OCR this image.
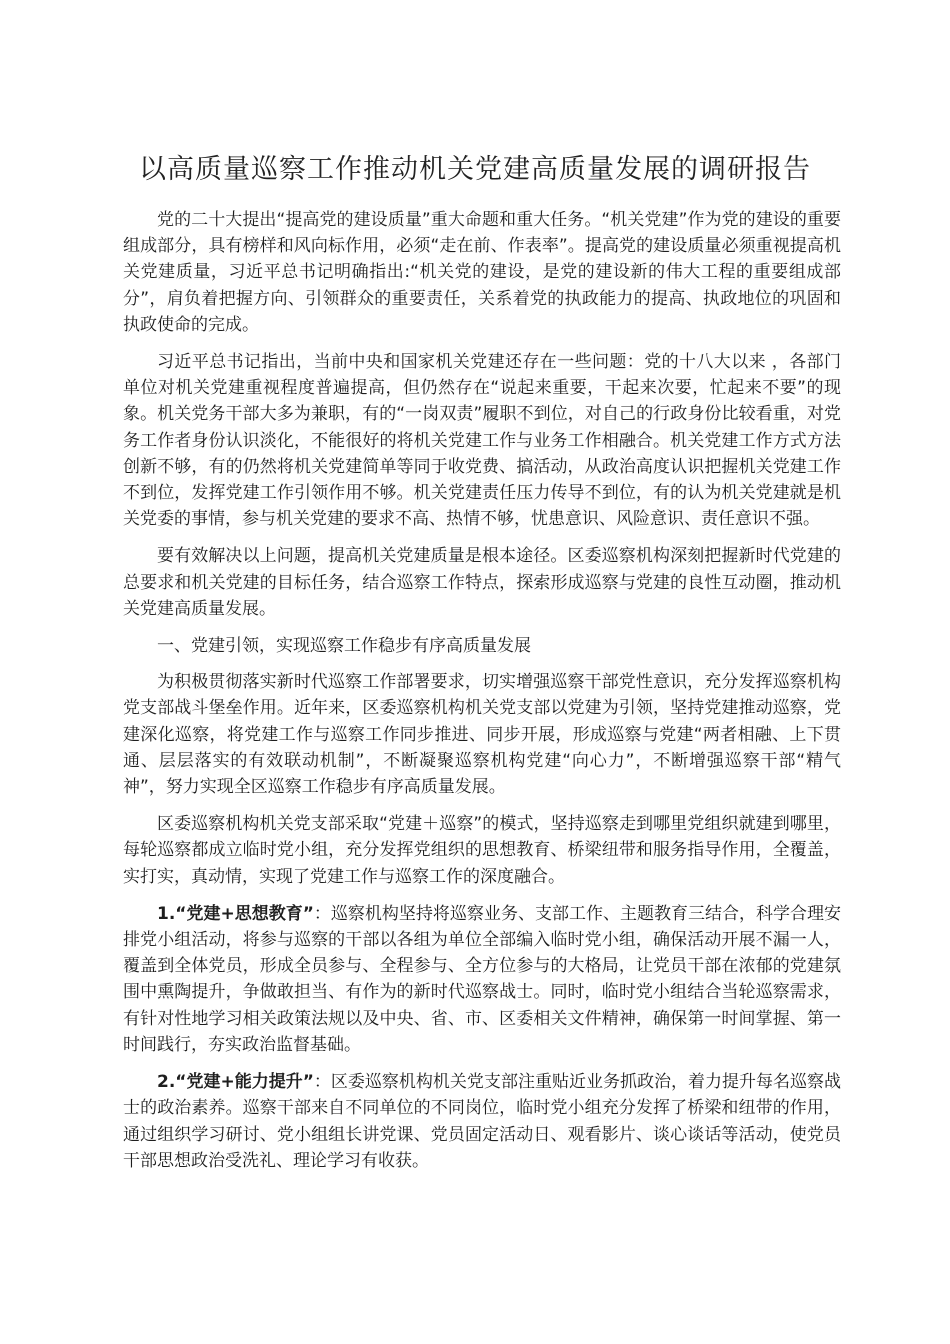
以高质量巡察工作推动机关党建高质量发展的调研报告

党的二十大提出“提高党的建设质量”重大命题和重大任务。“机关党建”作为党的建设的重要组成部分，具有榜样和风向标作用，必须“走在前、作表率”。提高党的建设质量必须重视提高机关党建质量，习近平总书记明确指出:“机关党的建设，是党的建设新的伟大工程的重要组成部分”，肩负着把握方向、引领群众的重要责任，关系着党的执政能力的提高、执政地位的巩固和执政使命的完成。

习近平总书记指出，当前中央和国家机关党建还存在一些问题：党的十八大以来 ，各部门单位对机关党建重视程度普遍提高，但仍然存在“说起来重要，干起来次要，忙起来不要”的现象。机关党务干部大多为兼职，有的“一岗双责”履职不到位，对自己的行政身份比较看重，对党务工作者身份认识淡化，不能很好的将机关党建工作与业务工作相融合。机关党建工作方式方法创新不够，有的仍然将机关党建简单等同于收党费、搞活动，从政治高度认识把握机关党建工作不到位，发挥党建工作引领作用不够。机关党建责任压力传导不到位，有的认为机关党建就是机关党委的事情，参与机关党建的要求不高、热情不够，忧患意识、风险意识、责任意识不强。

要有效解决以上问题，提高机关党建质量是根本途径。区委巡察机构深刻把握新时代党建的总要求和机关党建的目标任务，结合巡察工作特点，探索形成巡察与党建的良性互动圈，推动机关党建高质量发展。

一、党建引领，实现巡察工作稳步有序高质量发展

为积极贯彻落实新时代巡察工作部署要求，切实增强巡察干部党性意识，充分发挥巡察机构党支部战斗堡垒作用。近年来，区委巡察机构机关党支部以党建为引领，坚持党建推动巡察，党建深化巡察，将党建工作与巡察工作同步推进、同步开展，形成巡察与党建“两者相融、上下贯通、层层落实的有效联动机制”，不断凝聚巡察机构党建“向心力”，不断增强巡察干部“精气神”，努力实现全区巡察工作稳步有序高质量发展。

区委巡察机构机关党支部采取“党建＋巡察”的模式，坚持巡察走到哪里党组织就建到哪里，每轮巡察都成立临时党小组，充分发挥党组织的思想教育、桥梁纽带和服务指导作用，全覆盖，实打实，真动情，实现了党建工作与巡察工作的深度融合。

1.“党建+思想教育”：巡察机构坚持将巡察业务、支部工作、主题教育三结合，科学合理安排党小组活动，将参与巡察的干部以各组为单位全部编入临时党小组，确保活动开展不漏一人，覆盖到全体党员，形成全员参与、全程参与、全方位参与的大格局，让党员干部在浓郁的党建氛围中熏陶提升，争做敢担当、有作为的新时代巡察战士。同时，临时党小组结合当轮巡察需求，有针对性地学习相关政策法规以及中央、省、市、区委相关文件精神，确保第一时间掌握、第一时间践行，夯实政治监督基础。

2.“党建+能力提升”：区委巡察机构机关党支部注重贴近业务抓政治，着力提升每名巡察战士的政治素养。巡察干部来自不同单位的不同岗位，临时党小组充分发挥了桥梁和纽带的作用，通过组织学习研讨、党小组组长讲党课、党员固定活动日、观看影片、谈心谈话等活动，使党员干部思想政治受洗礼、理论学习有收获。
